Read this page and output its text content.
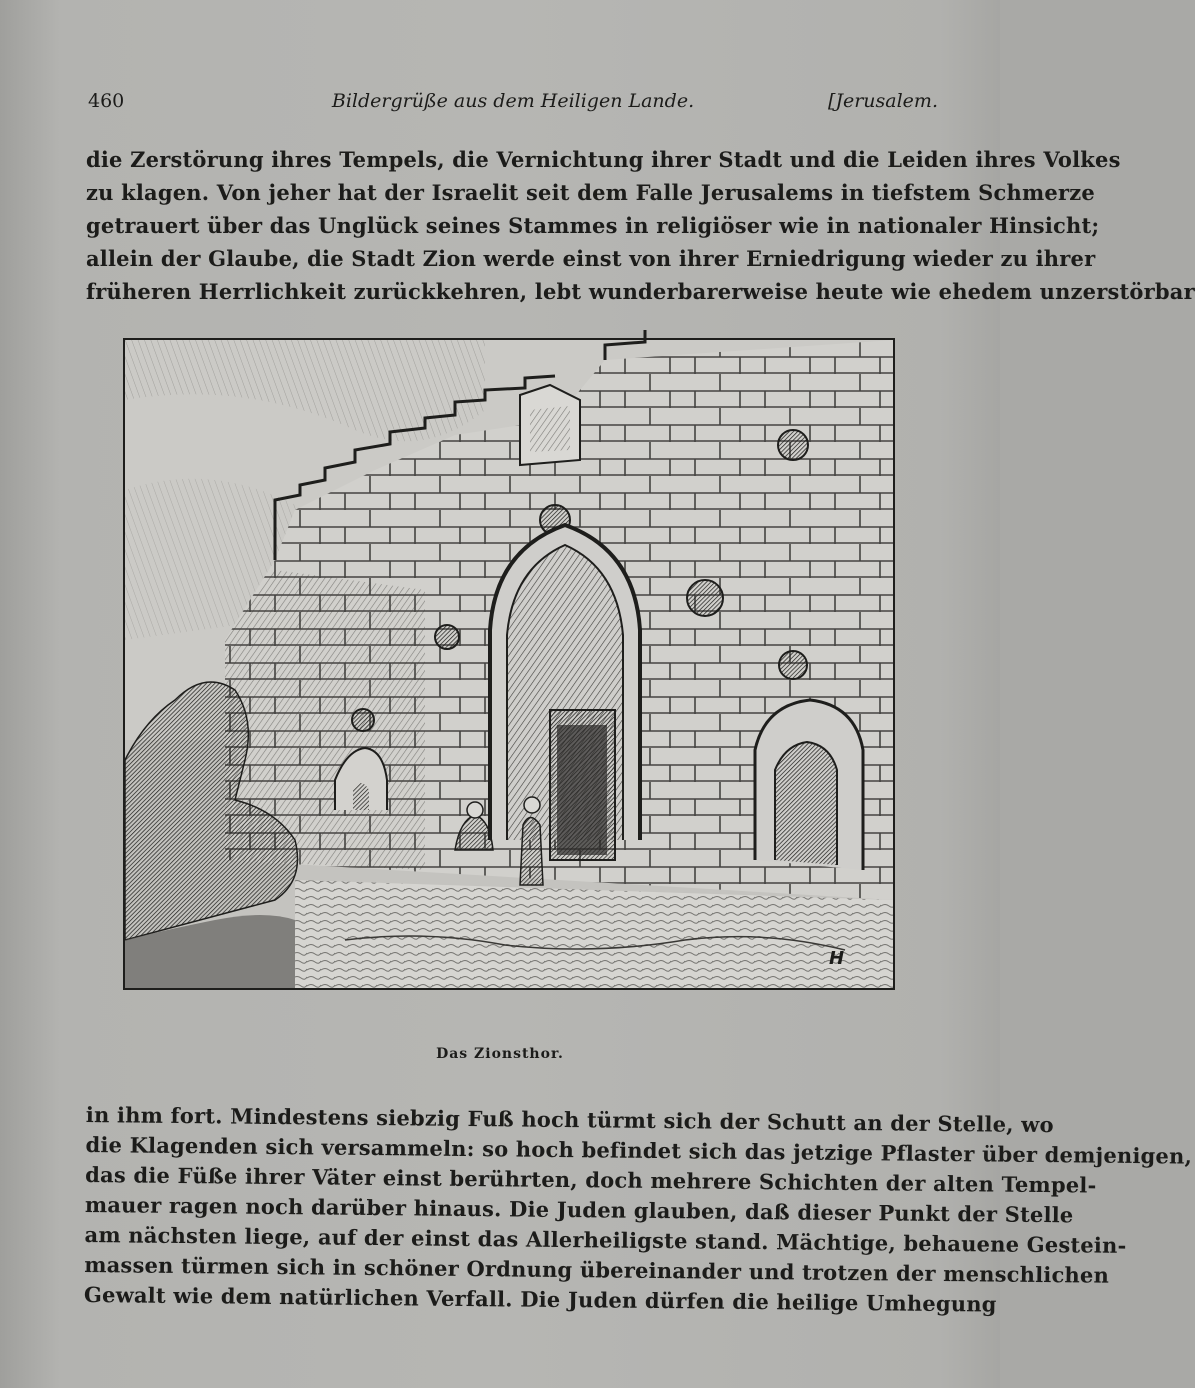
460	Bildergrüße aus dem Heiligen Lande.	[Jerusalem.
die Zerstörung ihres Tempels, die Vernichtung ihrer Stadt und die Leiden ihres Volkes
zu klagen. Von jeher hat der Israelit seit dem Falle Jerusalems in tiefstem Schmerze
getrauert über das Unglück seines Stammes in religiöser wie in nationaler Hinsicht;
allein der Glaube, die Stadt Zion werde einst von ihrer Erniedrigung wieder zu ihrer
früheren Herrlichkeit zurückkehren, lebt wunderbarerweise heute wie ehedem unzerstörbar
H
Das Zionsthor.
in ihm fort. Mindestens siebzig Fuß hoch türmt sich der Schutt an der Stelle, wo
die Klagenden sich versammeln: so hoch befindet sich das jetzige Pflaster über demjenigen,
das die Füße ihrer Väter einst berührten, doch mehrere Schichten der alten Tempel-
mauer ragen noch darüber hinaus. Die Juden glauben, daß dieser Punkt der Stelle
am nächsten liege, auf der einst das Allerheiligste stand. Mächtige, behauene Gestein-
massen türmen sich in schöner Ordnung übereinander und trotzen der menschlichen
Gewalt wie dem natürlichen Verfall. Die Juden dürfen die heilige Umhegung
